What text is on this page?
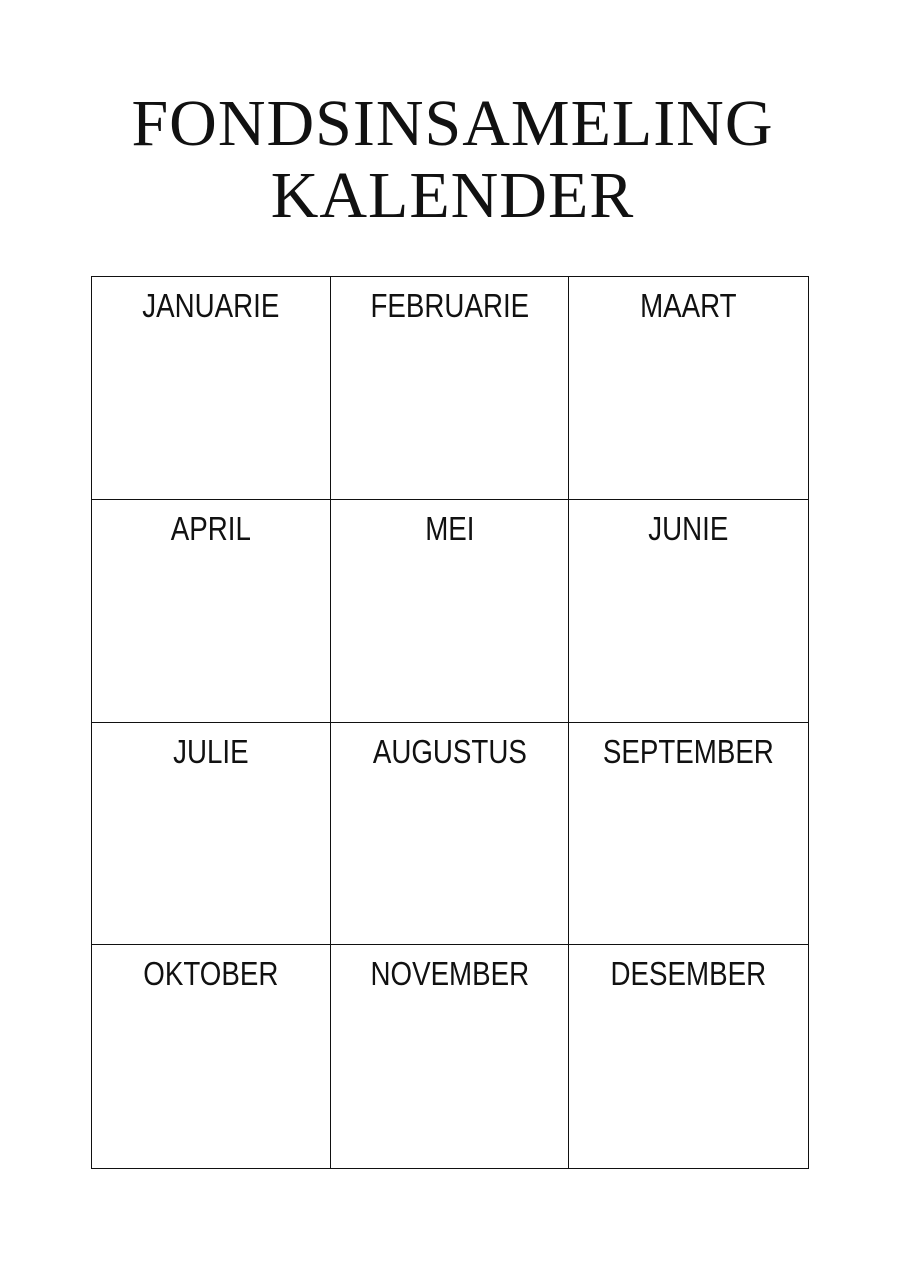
FONDSINSAMELING
KALENDER
JANUARIE	FEBRUARIE	MAART
APRIL	MEI	JUNIE
JULIE	AUGUSTUS	SEPTEMBER
OKTOBER	NOVEMBER	DESEMBER
